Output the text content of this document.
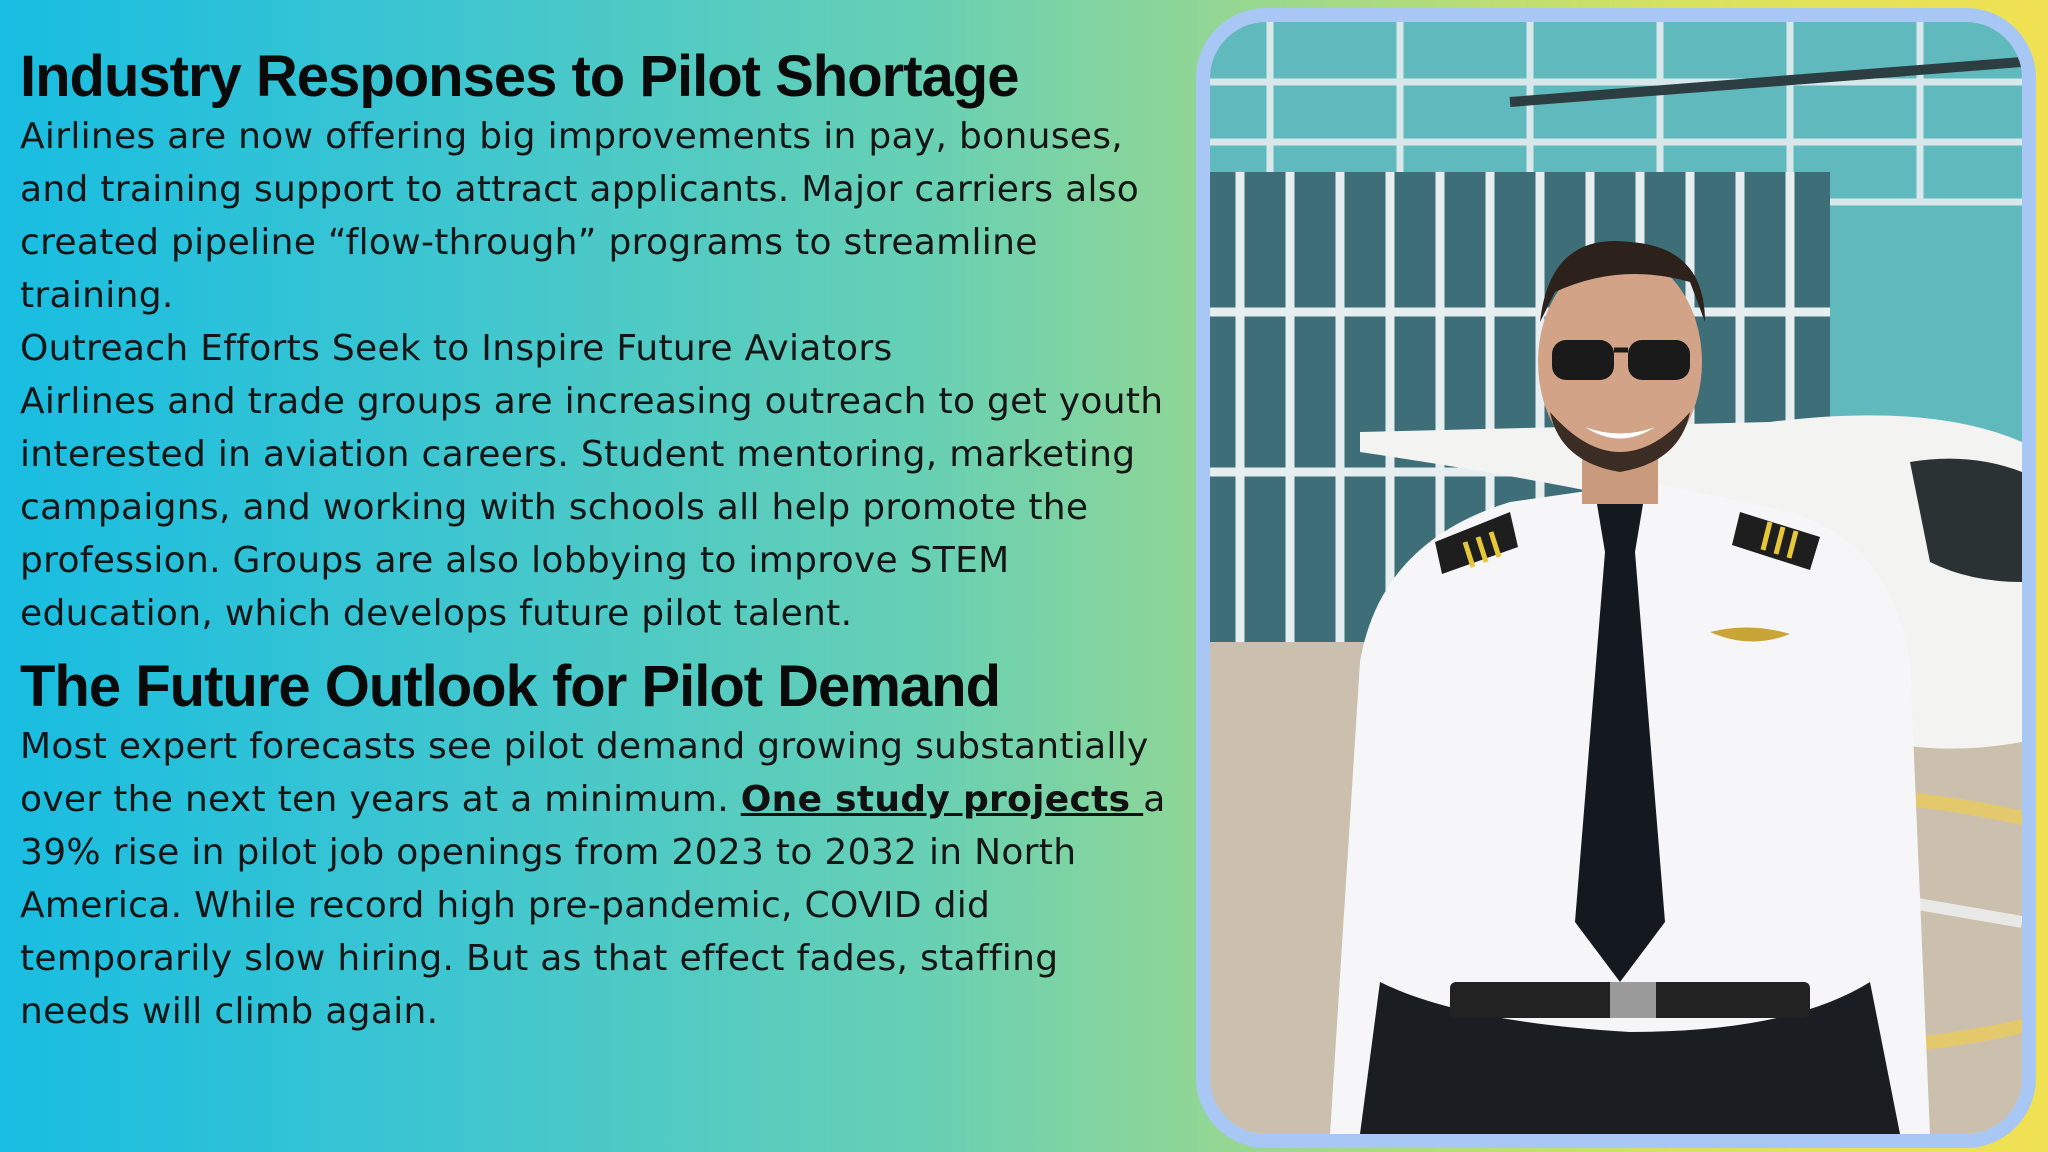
Industry Responses to Pilot Shortage

Airlines are now offering big improvements in pay, bonuses, and training support to attract applicants. Major carriers also created pipeline “flow-through” programs to streamline training.

Outreach Efforts Seek to Inspire Future Aviators

Airlines and trade groups are increasing outreach to get youth interested in aviation careers. Student mentoring, marketing campaigns, and working with schools all help promote the profession. Groups are also lobbying to improve STEM education, which develops future pilot talent.

The Future Outlook for Pilot Demand

Most expert forecasts see pilot demand growing substantially over the next ten years at a minimum. One study projects a 39% rise in pilot job openings from 2023 to 2032 in North America. While record high pre-pandemic, COVID did temporarily slow hiring. But as that effect fades, staffing needs will climb again.
